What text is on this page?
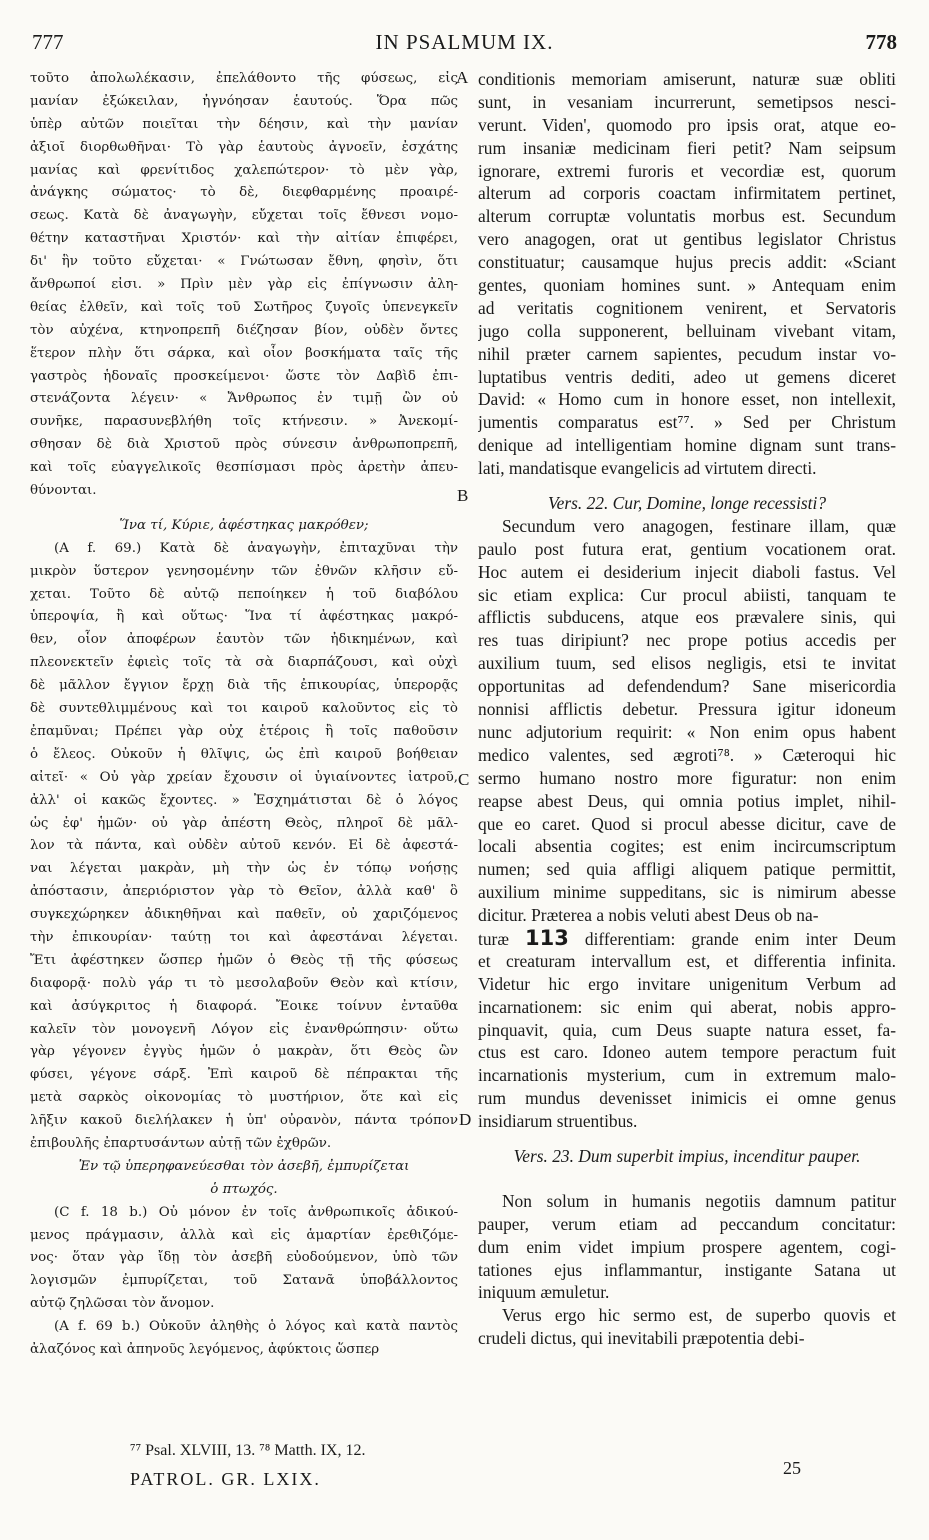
777	IN PSALMUM IX.	778
τοῦτο ἀπολωλέκασιν, ἐπελάθοντο τῆς φύσεως, εἰς
μανίαν ἐξώκειλαν, ἠγνόησαν ἑαυτούς. Ὅρα πῶς
ὑπὲρ αὐτῶν ποιεῖται τὴν δέησιν, καὶ τὴν μανίαν
ἀξιοῖ διορθωθῆναι· Τὸ γὰρ ἑαυτοὺς ἀγνοεῖν, ἐσχάτης
μανίας καὶ φρενίτιδος χαλεπώτερον· τὸ μὲν γὰρ,
ἀνάγκης σώματος· τὸ δὲ, διεφθαρμένης προαιρέ-
σεως. Κατὰ δὲ ἀναγωγὴν, εὔχεται τοῖς ἔθνεσι νομο-
θέτην καταστῆναι Χριστόν· καὶ τὴν αἰτίαν ἐπιφέρει,
δι' ἣν τοῦτο εὔχεται· « Γνώτωσαν ἔθνη, φησὶν, ὅτι
ἄνθρωποί εἰσι. » Πρὶν μὲν γὰρ εἰς ἐπίγνωσιν ἀλη-
θείας ἐλθεῖν, καὶ τοῖς τοῦ Σωτῆρος ζυγοῖς ὑπενεγκεῖν
τὸν αὐχένα, κτηνοπρεπῆ διέζησαν βίον, οὐδὲν ὄντες
ἕτερον πλὴν ὅτι σάρκα, καὶ οἷον βοσκήματα ταῖς τῆς
γαστρὸς ἡδοναῖς προσκείμενοι· ὥστε τὸν Δαβὶδ ἐπι-
στενάζοντα λέγειν· « Ἄνθρωπος ἐν τιμῇ ὢν οὐ
συνῆκε, παρασυνεβλήθη τοῖς κτήνεσιν. » Ἀνεκομί-
σθησαν δὲ διὰ Χριστοῦ πρὸς σύνεσιν ἀνθρωποπρεπῆ,
καὶ τοῖς εὐαγγελικοῖς θεσπίσμασι πρὸς ἀρετὴν ἀπευ-
θύνονται.
Ἵνα τί, Κύριε, ἀφέστηκας μακρόθεν;
(A f. 69.) Κατὰ δὲ ἀναγωγὴν, ἐπιταχῦναι τὴν
μικρὸν ὕστερον γενησομένην τῶν ἐθνῶν κλῆσιν εὔ-
χεται. Τοῦτο δὲ αὐτῷ πεποίηκεν ἡ τοῦ διαβόλου
ὑπεροψία, ἢ καὶ οὕτως· Ἵνα τί ἀφέστηκας μακρό-
θεν, οἷον ἀποφέρων ἑαυτὸν τῶν ἠδικημένων, καὶ
πλεονεκτεῖν ἐφιεὶς τοῖς τὰ σὰ διαρπάζουσι, καὶ οὐχὶ
δὲ μᾶλλον ἔγγιον ἔρχῃ διὰ τῆς ἐπικουρίας, ὑπερορᾷς
δὲ συντεθλιμμένους καὶ τοι καιροῦ καλοῦντος εἰς τὸ
ἐπαμῦναι; Πρέπει γὰρ οὐχ ἑτέροις ἢ τοῖς παθοῦσιν
ὁ ἔλεος. Οὐκοῦν ἡ θλῖψις, ὡς ἐπὶ καιροῦ βοήθειαν
αἰτεῖ· « Οὐ γὰρ χρείαν ἔχουσιν οἱ ὑγιαίνοντες ἰατροῦ,
ἀλλ' οἱ κακῶς ἔχοντες. » Ἐσχημάτισται δὲ ὁ λόγος
ὡς ἐφ' ἡμῶν· οὐ γὰρ ἀπέστη Θεὸς, πληροῖ δὲ μᾶλ-
λον τὰ πάντα, καὶ οὐδὲν αὐτοῦ κενόν. Εἰ δὲ ἀφεστά-
ναι λέγεται μακρὰν, μὴ τὴν ὡς ἐν τόπῳ νοήσῃς
ἀπόστασιν, ἀπεριόριστον γὰρ τὸ Θεῖον, ἀλλὰ καθ' ὃ
συγκεχώρηκεν ἀδικηθῆναι καὶ παθεῖν, οὐ χαριζόμενος
τὴν ἐπικουρίαν· ταύτῃ τοι καὶ ἀφεστάναι λέγεται.
Ἔτι ἀφέστηκεν ὥσπερ ἡμῶν ὁ Θεὸς τῇ τῆς φύσεως
διαφορᾷ· πολὺ γάρ τι τὸ μεσολαβοῦν Θεὸν καὶ κτίσιν,
καὶ ἀσύγκριτος ἡ διαφορά. Ἔοικε τοίνυν ἐνταῦθα
καλεῖν τὸν μονογενῆ Λόγον εἰς ἐνανθρώπησιν· οὕτω
γὰρ γέγονεν ἐγγὺς ἡμῶν ὁ μακρὰν, ὅτι Θεὸς ὢν
φύσει, γέγονε σάρξ. Ἐπὶ καιροῦ δὲ πέπρακται τῆς
μετὰ σαρκὸς οἰκονομίας τὸ μυστήριον, ὅτε καὶ εἰς
λῆξιν κακοῦ διελήλακεν ἡ ὑπ' οὐρανὸν, πάντα τρόπον
ἐπιβουλῆς ἐπαρτυσάντων αὐτῇ τῶν ἐχθρῶν.
Ἐν τῷ ὑπερηφανεύεσθαι τὸν ἀσεβῆ, ἐμπυρίζεται
ὁ πτωχός.
(C f. 18 b.) Οὐ μόνον ἐν τοῖς ἀνθρωπικοῖς ἀδικού-
μενος πράγμασιν, ἀλλὰ καὶ εἰς ἁμαρτίαν ἐρεθιζόμε-
νος· ὅταν γὰρ ἴδῃ τὸν ἀσεβῆ εὐοδούμενον, ὑπὸ τῶν
λογισμῶν ἐμπυρίζεται, τοῦ Σατανᾶ ὑποβάλλοντος
αὐτῷ ζηλῶσαι τὸν ἄνομον.
(A f. 69 b.) Οὐκοῦν ἀληθὴς ὁ λόγος καὶ κατὰ παντὸς
ἀλαζόνος καὶ ἀπηνοῦς λεγόμενος, ἀφύκτοις ὥσπερ
A
B
C
D
conditionis memoriam amiserunt, naturæ suæ obliti
sunt, in vesaniam incurrerunt, semetipsos nesci-
verunt. Viden', quomodo pro ipsis orat, atque eo-
rum insaniæ medicinam fieri petit? Nam seipsum
ignorare, extremi furoris et vecordiæ est, quorum
alterum ad corporis coactam infirmitatem pertinet,
alterum corruptæ voluntatis morbus est. Secundum
vero anagogen, orat ut gentibus legislator Christus
constituatur; causamque hujus precis addit: «Sciant
gentes, quoniam homines sunt. » Antequam enim
ad veritatis cognitionem venirent, et Servatoris
jugo colla supponerent, belluinam vivebant vitam,
nihil præter carnem sapientes, pecudum instar vo-
luptatibus ventris dediti, adeo ut gemens diceret
David: « Homo cum in honore esset, non intellexit,
jumentis comparatus est⁷⁷. » Sed per Christum
denique ad intelligentiam homine dignam sunt trans-
lati, mandatisque evangelicis ad virtutem directi.
Vers. 22. Cur, Domine, longe recessisti?
Secundum vero anagogen, festinare illam, quæ
paulo post futura erat, gentium vocationem orat.
Hoc autem ei desiderium injecit diaboli fastus. Vel
sic etiam explica: Cur procul abiisti, tanquam te
afflictis subducens, atque eos prævalere sinis, qui
res tuas diripiunt? nec prope potius accedis per
auxilium tuum, sed elisos negligis, etsi te invitat
opportunitas ad defendendum? Sane misericordia
nonnisi afflictis debetur. Pressura igitur idoneum
nunc adjutorium requirit: « Non enim opus habent
medico valentes, sed ægroti⁷⁸. » Cæteroqui hic
sermo humano nostro more figuratur: non enim
reapse abest Deus, qui omnia potius implet, nihil-
que eo caret. Quod si procul abesse dicitur, cave de
locali absentia cogites; est enim incircumscriptum
numen; sed quia affligi aliquem patique permittit,
auxilium minime suppeditans, sic is nimirum abesse
dicitur. Præterea a nobis veluti abest Deus ob na-
turæ 113 differentiam: grande enim inter Deum
et creaturam intervallum est, et differentia infinita.
Videtur hic ergo invitare unigenitum Verbum ad
incarnationem: sic enim qui aberat, nobis appro-
pinquavit, quia, cum Deus suapte natura esset, fa-
ctus est caro. Idoneo autem tempore peractum fuit
incarnationis mysterium, cum in extremum malo-
rum mundus devenisset inimicis ei omne genus
insidiarum struentibus.
Vers. 23. Dum superbit impius, incenditur pauper.
Non solum in humanis negotiis damnum patitur
pauper, verum etiam ad peccandum concitatur:
dum enim videt impium prospere agentem, cogi-
tationes ejus inflammantur, instigante Satana ut
iniquum æmuletur.
Verus ergo hic sermo est, de superbo quovis et
crudeli dictus, qui inevitabili præpotentia debi-
⁷⁷ Psal. XLVIII, 13. ⁷⁸ Matth. IX, 12.
PATROL. GR. LXIX.
25
